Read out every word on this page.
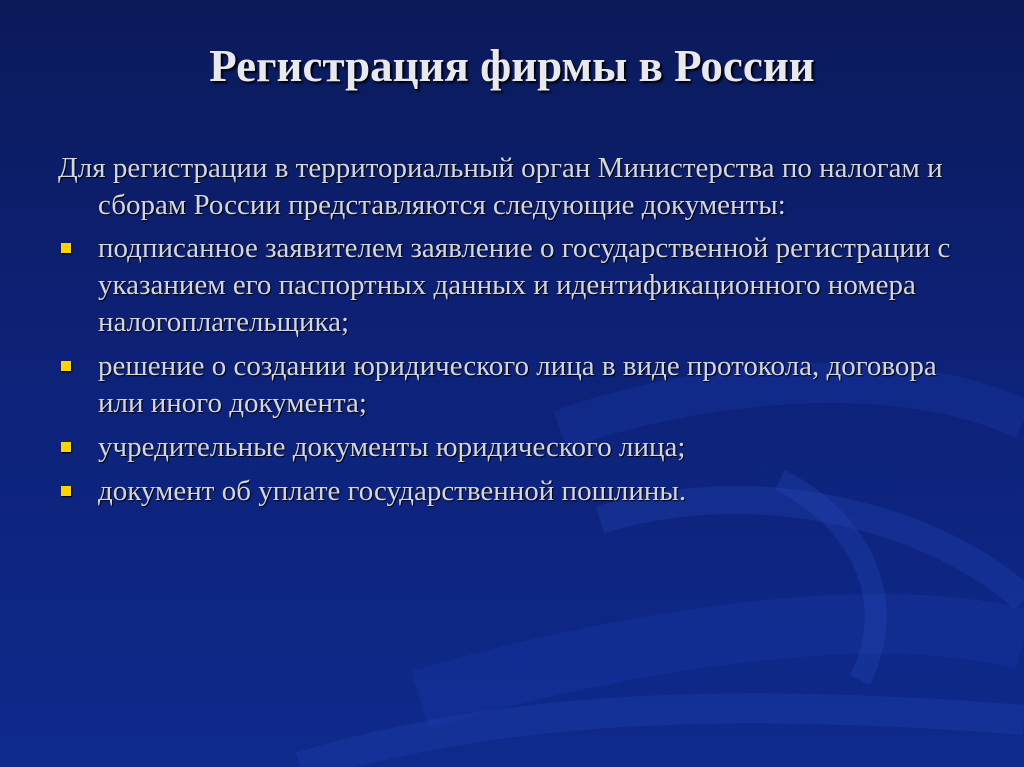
Регистрация фирмы в России

Для регистрации в территориальный орган Министерства по налогам и сборам России представляются следующие документы:

подписанное заявителем заявление о государственной регистрации с указанием его паспортных данных и идентификационного номера налогоплательщика;
решение о создании юридического лица в виде протокола, договора или иного документа;
учредительные документы юридического лица;
документ об уплате государственной пошлины.
